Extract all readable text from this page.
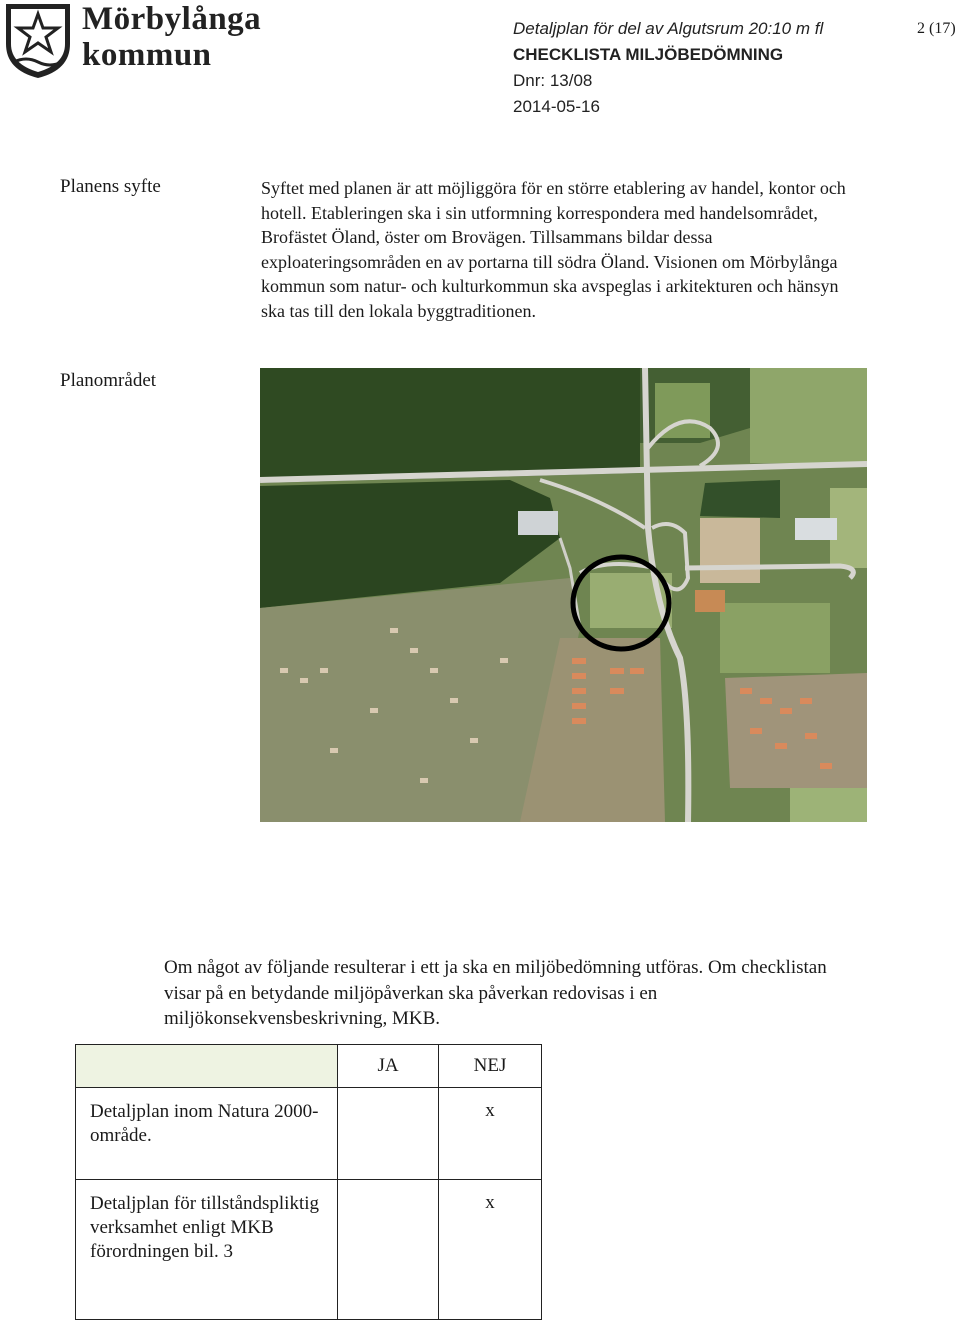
Mörbylånga
kommun
Detaljplan för del av Algutsrum 20:10 m fl
CHECKLISTA MILJÖBEDÖMNING
Dnr: 13/08
2014-05-16
2 (17)
Planens syfte	Syftet med planen är att möjliggöra för en större etablering av handel, kontor och hotell. Etableringen ska i sin utformning korrespondera med handelsområdet, Brofästet Öland, öster om Brovägen. Tillsammans bildar dessa exploateringsområden en av portarna till södra Öland. Visionen om Mörbylånga kommun som natur- och kulturkommun ska avspeglas i arkitekturen och hänsyn ska tas till den lokala byggtraditionen.
Planområdet
Om något av följande resulterar i ett ja ska en miljöbedömning utföras. Om checklistan visar på en betydande miljöpåverkan ska påverkan redovisas i en miljökonsekvensbeskrivning, MKB.
	JA	NEJ
Detaljplan inom Natura 2000-område.		x

Detaljplan för tillståndspliktig verksamhet enligt MKB förordningen bil. 3		x
